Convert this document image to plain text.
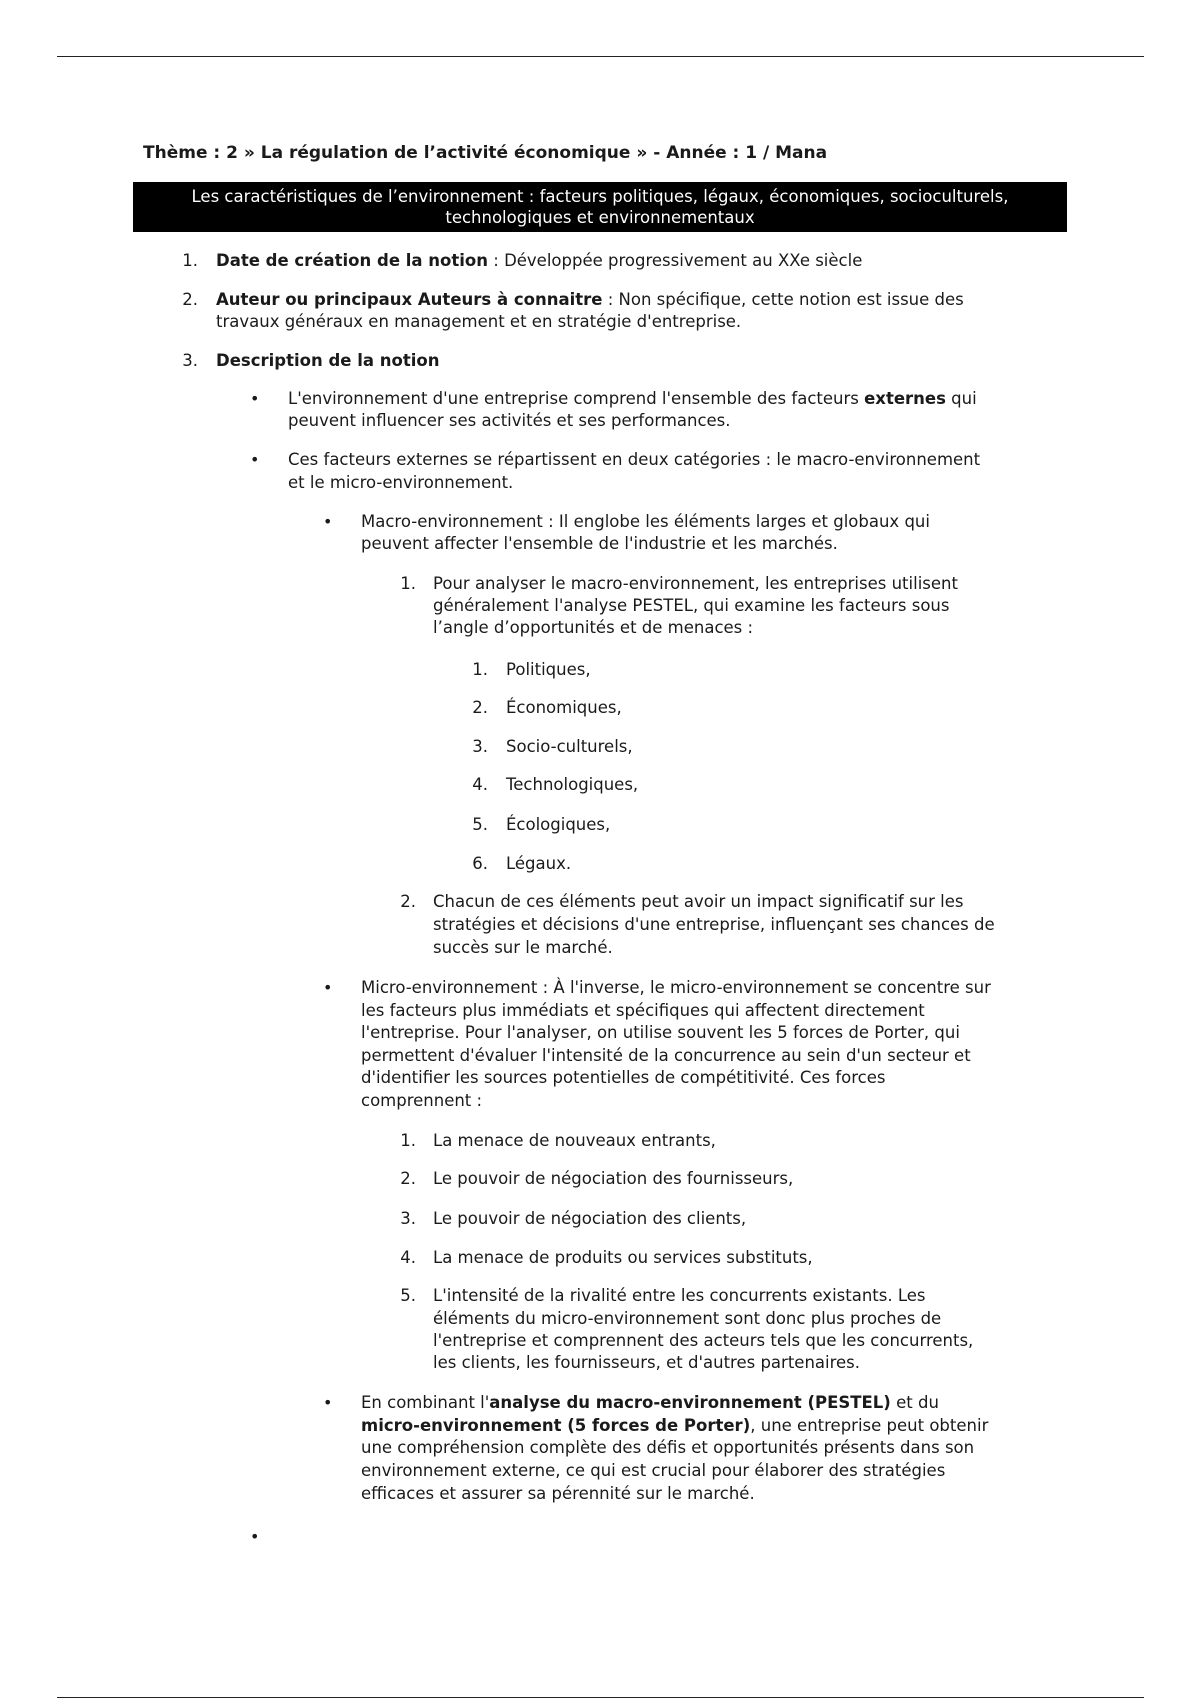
Thème : 2 » La régulation de l’activité économique » - Année : 1 / Mana
Les caractéristiques de l’environnement : facteurs politiques, légaux, économiques, socioculturels,
technologiques et environnementaux
1. Date de création de la notion : Développée progressivement au XXe siècle
2. Auteur ou principaux Auteurs à connaitre : Non spécifique, cette notion est issue des
travaux généraux en management et en stratégie d'entreprise.
3. Description de la notion
• L'environnement d'une entreprise comprend l'ensemble des facteurs externes qui
peuvent influencer ses activités et ses performances.
• Ces facteurs externes se répartissent en deux catégories : le macro-environnement
et le micro-environnement.
• Macro-environnement : Il englobe les éléments larges et globaux qui
peuvent affecter l'ensemble de l'industrie et les marchés.
1. Pour analyser le macro-environnement, les entreprises utilisent
généralement l'analyse PESTEL, qui examine les facteurs sous
l’angle d’opportunités et de menaces :
1. Politiques,
2. Économiques,
3. Socio-culturels,
4. Technologiques,
5. Écologiques,
6. Légaux.
2. Chacun de ces éléments peut avoir un impact significatif sur les
stratégies et décisions d'une entreprise, influençant ses chances de
succès sur le marché.
• Micro-environnement : À l'inverse, le micro-environnement se concentre sur
les facteurs plus immédiats et spécifiques qui affectent directement
l'entreprise. Pour l'analyser, on utilise souvent les 5 forces de Porter, qui
permettent d'évaluer l'intensité de la concurrence au sein d'un secteur et
d'identifier les sources potentielles de compétitivité. Ces forces
comprennent :
1. La menace de nouveaux entrants,
2. Le pouvoir de négociation des fournisseurs,
3. Le pouvoir de négociation des clients,
4. La menace de produits ou services substituts,
5. L'intensité de la rivalité entre les concurrents existants. Les
éléments du micro-environnement sont donc plus proches de
l'entreprise et comprennent des acteurs tels que les concurrents,
les clients, les fournisseurs, et d'autres partenaires.
• En combinant l'analyse du macro-environnement (PESTEL) et du
micro-environnement (5 forces de Porter), une entreprise peut obtenir
une compréhension complète des défis et opportunités présents dans son
environnement externe, ce qui est crucial pour élaborer des stratégies
efficaces et assurer sa pérennité sur le marché.
•
